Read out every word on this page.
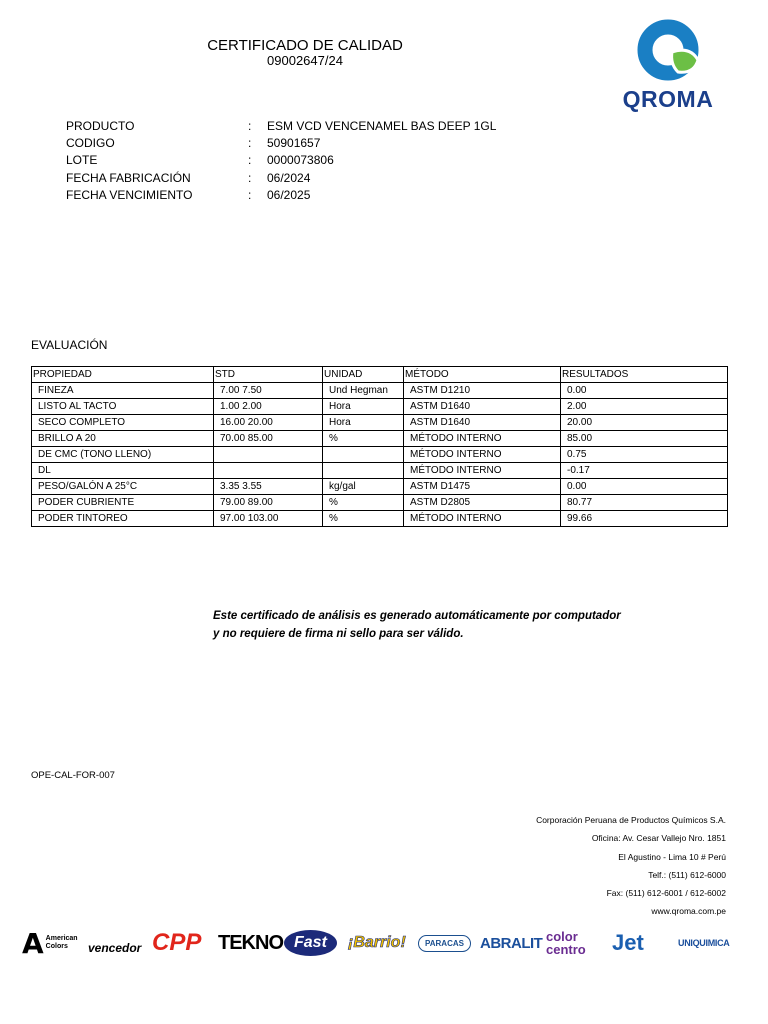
CERTIFICADO DE CALIDAD
09002647/24
QROMA
PRODUCTO	: ESM VCD VENCENAMEL BAS DEEP 1GL
CODIGO	: 50901657
LOTE	: 0000073806
FECHA FABRICACIÓN	: 06/2024
FECHA VENCIMIENTO	: 06/2025
EVALUACIÓN
PROPIEDAD	STD	UNIDAD	MÉTODO	RESULTADOS
FINEZA	7.00 7.50	Und Hegman	ASTM D1210	0.00
LISTO AL TACTO	1.00 2.00	Hora	ASTM D1640	2.00
SECO COMPLETO	16.00 20.00	Hora	ASTM D1640	20.00
BRILLO A 20	70.00 85.00	%	MÉTODO INTERNO	85.00
DE CMC (TONO LLENO)			MÉTODO INTERNO	0.75
DL			MÉTODO INTERNO	-0.17
PESO/GALÓN A 25°C	3.35 3.55	kg/gal	ASTM D1475	0.00
PODER CUBRIENTE	79.00 89.00	%	ASTM D2805	80.77
PODER TINTOREO	97.00 103.00	%	MÉTODO INTERNO	99.66
Este certificado de análisis es generado automáticamente por computador
y no requiere de firma ni sello para ser válido.
OPE-CAL-FOR-007
Corporación Peruana de Productos Químicos S.A.
Oficina: Av. Cesar Vallejo Nro. 1851
El Agustino - Lima 10 # Perú
Telf.: (511) 612-6000
Fax: (511) 612-6001 / 612-6002
www.qroma.com.pe
A American Colors	vencedor CPP TEKNO Fast	¡Barrio!	PARACAS	ABRALIT color centro	Jet	UNIQUIMICA
